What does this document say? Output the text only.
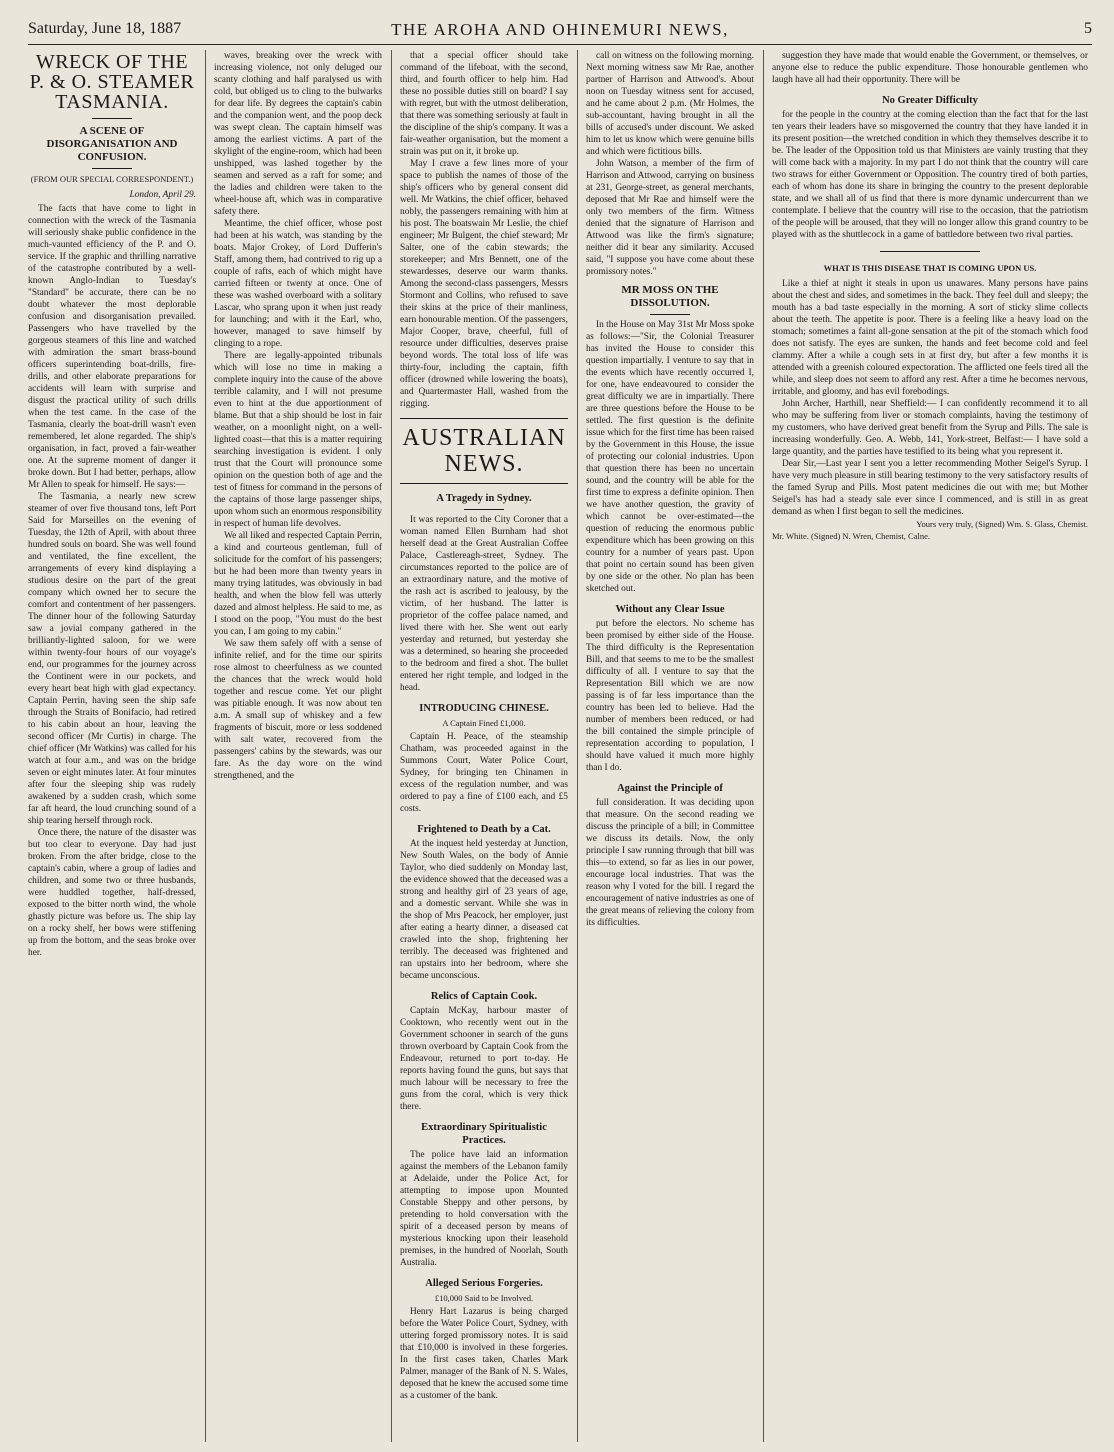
Saturday, June 18, 1887	THE AROHA AND OHINEMURI NEWS,	5
WRECK OF THE P. & O. STEAMER TASMANIA.
A SCENE OF DISORGANISATION AND CONFUSION.
(FROM OUR SPECIAL CORRESPONDENT.)
London, April 29.

The facts that have come to light in connection with the wreck of the Tasmania will seriously shake public confidence in the much-vaunted efficiency of the P. and O. service. If the graphic and thrilling narrative of the catastrophe contributed by a well-known Anglo-Indian to Tuesday's "Standard" be accurate, there can be no doubt whatever the most deplorable confusion and disorganisation prevailed. Passengers who have travelled by the gorgeous steamers of this line and watched with admiration the smart brass-bound officers superintending boat-drills, fire-drills, and other elaborate preparations for accidents will learn with surprise and disgust the practical utility of such drills when the test came. In the case of the Tasmania, clearly the boat-drill wasn't even remembered, let alone regarded. The ship's organisation, in fact, proved a fair-weather one. At the supreme moment of danger it broke down. But I had better, perhaps, allow Mr Allen to speak for himself. He says:—

The Tasmania, a nearly new screw steamer of over five thousand tons, left Port Said for Marseilles on the evening of Tuesday, the 12th of April, with about three hundred souls on board. She was well found and ventilated, the fine excellent, the arrangements of every kind displaying a studious desire on the part of the great company which owned her to secure the comfort and contentment of her passengers. The dinner hour of the following Saturday saw a jovial company gathered in the brilliantly-lighted saloon, for we were within twenty-four hours of our voyage's end, our programmes for the journey across the Continent were in our pockets, and every heart beat high with glad expectancy. Captain Perrin, having seen the ship safe through the Straits of Bonifacio, had retired to his cabin about an hour, leaving the second officer (Mr Curtis) in charge. The chief officer (Mr Watkins) was called for his watch at four a.m., and was on the bridge seven or eight minutes later. At four minutes after four the sleeping ship was rudely awakened by a sudden crash, which some far aft heard, the loud crunching sound of a ship tearing herself through rock.

Once there, the nature of the disaster was but too clear to everyone. Day had just broken. From the after bridge, close to the captain's cabin, where a group of ladies and children, and some two or three husbands, were huddled together, half-dressed, exposed to the bitter north wind, the whole ghastly picture was before us. The ship lay on a rocky shelf, her bows were stiffening up from the bottom, and the seas broke over her.

waves, breaking over the wreck with increasing violence, not only deluged our scanty clothing and half paralysed us with cold, but obliged us to cling to the bulwarks for dear life. By degrees the captain's cabin and the companion went, and the poop deck was swept clean. The captain himself was among the earliest victims. A part of the skylight of the engine-room, which had been unshipped, was lashed together by the seamen and served as a raft for some; and the ladies and children were taken to the wheel-house aft, which was in comparative safety there.

Meantime, the chief officer, whose post had been at his watch, was standing by the boats. Major Crokey, of Lord Dufferin's Staff, among them, had contrived to rig up a couple of rafts, each of which might have carried fifteen or twenty at once. One of these was washed overboard with a solitary Lascar, who sprang upon it when just ready for launching; and with it the Earl, who, however, managed to save himself by clinging to a rope.

There are legally-appointed tribunals which will lose no time in making a complete inquiry into the cause of the above terrible calamity, and I will not presume even to hint at the due apportionment of blame. But that a ship should be lost in fair weather, on a moonlight night, on a well-lighted coast—that this is a matter requiring searching investigation is evident. I only trust that the Court will pronounce some opinion on the question both of age and the test of fitness for command in the persons of the captains of those large passenger ships, upon whom such an enormous responsibility in respect of human life devolves.

We all liked and respected Captain Perrin, a kind and courteous gentleman, full of solicitude for the comfort of his passengers; but he had been more than twenty years in many trying latitudes, was obviously in bad health, and when the blow fell was utterly dazed and almost helpless. He said to me, as I stood on the poop, "You must do the best you can, I am going to my cabin."

We saw them safely off with a sense of infinite relief, and for the time our spirits rose almost to cheerfulness as we counted the chances that the wreck would hold together and rescue come. Yet our plight was pitiable enough. It was now about ten a.m. A small sup of whiskey and a few fragments of biscuit, more or less soddened with salt water, recovered from the passengers' cabins by the stewards, was our fare. As the day wore on the wind strengthened, and the

that a special officer should take command of the lifeboat, with the second, third, and fourth officer to help him. Had these no possible duties still on board? I say with regret, but with the utmost deliberation, that there was something seriously at fault in the discipline of the ship's company. It was a fair-weather organisation, but the moment a strain was put on it, it broke up.

May I crave a few lines more of your space to publish the names of those of the ship's officers who by general consent did well. Mr Watkins, the chief officer, behaved nobly, the passengers remaining with him at his post. The boatswain Mr Leslie, the chief engineer; Mr Bulgent, the chief steward; Mr Salter, one of the cabin stewards; the storekeeper; and Mrs Bennett, one of the stewardesses, deserve our warm thanks. Among the second-class passengers, Messrs Stormont and Collins, who refused to save their skins at the price of their manliness, earn honourable mention. Of the passengers, Major Cooper, brave, cheerful, full of resource under difficulties, deserves praise beyond words. The total loss of life was thirty-four, including the captain, fifth officer (drowned while lowering the boats), and Quartermaster Hall, washed from the rigging.

AUSTRALIAN NEWS.
A Tragedy in Sydney.

It was reported to the City Coroner that a woman named Ellen Burnham had shot herself dead at the Great Australian Coffee Palace, Castlereagh-street, Sydney. The circumstances reported to the police are of an extraordinary nature, and the motive of the rash act is ascribed to jealousy, by the victim, of her husband. The latter is proprietor of the coffee palace named, and lived there with her. She went out early yesterday and returned, but yesterday she was a determined, so hearing she proceeded to the bedroom and fired a shot. The bullet entered her right temple, and lodged in the head.

INTRODUCING CHINESE.
A Captain Fined £1,000.

Captain H. Peace, of the steamship Chatham, was proceeded against in the Summons Court, Water Police Court, Sydney, for bringing ten Chinamen in excess of the regulation number, and was ordered to pay a fine of £100 each, and £5 costs.

Frightened to Death by a Cat.

At the inquest held yesterday at Junction, New South Wales, on the body of Annie Taylor, who died suddenly on Monday last, the evidence showed that the deceased was a strong and healthy girl of 23 years of age, and a domestic servant. While she was in the shop of Mrs Peacock, her employer, just after eating a hearty dinner, a diseased cat crawled into the shop, frightening her terribly. The deceased was frightened and ran upstairs into her bedroom, where she became unconscious.

Relics of Captain Cook.

Captain McKay, harbour master of Cooktown, who recently went out in the Government schooner in search of the guns thrown overboard by Captain Cook from the Endeavour, returned to port to-day. He reports having found the guns, but says that much labour will be necessary to free the guns from the coral, which is very thick there.

Extraordinary Spiritualistic Practices.

The police have laid an information against the members of the Lebanon family at Adelaide, under the Police Act, for attempting to impose upon Mounted Constable Sheppy and other persons, by pretending to hold conversation with the spirit of a deceased person by means of mysterious knocking upon their leasehold premises, in the hundred of Noorlah, South Australia.

Alleged Serious Forgeries.
£10,000 Said to be Involved.

Henry Hart Lazarus is being charged before the Water Police Court, Sydney, with uttering forged promissory notes. It is said that £10,000 is involved in these forgeries. In the first cases taken, Charles Mark Palmer, manager of the Bank of N. S. Wales, deposed that he knew the accused some time as a customer of the bank.

call on witness on the following morning. Next morning witness saw Mr Rae, another partner of Harrison and Attwood's. About noon on Tuesday witness sent for accused, and he came about 2 p.m. (Mr Holmes, the sub-accountant, having brought in all the bills of accused's under discount. We asked him to let us know which were genuine bills and which were fictitious bills.

John Watson, a member of the firm of Harrison and Attwood, carrying on business at 231, George-street, as general merchants, deposed that Mr Rae and himself were the only two members of the firm. Witness denied that the signature of Harrison and Attwood was like the firm's signature; neither did it bear any similarity. Accused said, "I suppose you have come about these promissory notes."

MR MOSS ON THE DISSOLUTION.

In the House on May 31st Mr Moss spoke as follows:—"Sir, the Colonial Treasurer has invited the House to consider this question impartially. I venture to say that in the events which have recently occurred I, for one, have endeavoured to consider the great difficulty we are in impartially. There are three questions before the House to be settled. The first question is the definite issue which for the first time has been raised by the Government in this House, the issue of protecting our colonial industries. Upon that question there has been no uncertain sound, and the country will be able for the first time to express a definite opinion. Then we have another question, the gravity of which cannot be over-estimated—the question of reducing the enormous public expenditure which has been growing on this country for a number of years past. Upon that point no certain sound has been given by one side or the other. No plan has been sketched out.

Without any Clear Issue

put before the electors. No scheme has been promised by either side of the House. The third difficulty is the Representation Bill, and that seems to me to be the smallest difficulty of all. I venture to say that the Representation Bill which we are now passing is of far less importance than the country has been led to believe. Had the number of members been reduced, or had the bill contained the simple principle of representation according to population, I should have valued it much more highly than I do.

Against the Principle of

full consideration. It was deciding upon that measure. On the second reading we discuss the principle of a bill; in Committee we discuss its details. Now, the only principle I saw running through that bill was this—to extend, so far as lies in our power, encourage local industries. That was the reason why I voted for the bill. I regard the encouragement of native industries as one of the great means of relieving the colony from its difficulties.

suggestion they have made that would enable the Government, or themselves, or anyone else to reduce the public expenditure. Those honourable gentlemen who laugh have all had their opportunity. There will be

No Greater Difficulty

for the people in the country at the coming election than the fact that for the last ten years their leaders have so misgoverned the country that they have landed it in its present position—the wretched condition in which they themselves describe it to be. The leader of the Opposition told us that Ministers are vainly trusting that they will come back with a majority. In my part I do not think that the country will care two straws for either Government or Opposition. The country tired of both parties, each of whom has done its share in bringing the country to the present deplorable state, and we shall all of us find that there is more dynamic undercurrent than we contemplate. I believe that the country will rise to the occasion, that the patriotism of the people will be aroused, that they will no longer allow this grand country to be played with as the shuttlecock in a game of battledore between two rival parties.

WHAT IS THIS DISEASE THAT IS COMING UPON US.

Like a thief at night it steals in upon us unawares. Many persons have pains about the chest and sides, and sometimes in the back. They feel dull and sleepy; the mouth has a bad taste especially in the morning. A sort of sticky slime collects about the teeth. The appetite is poor. There is a feeling like a heavy load on the stomach; sometimes a faint all-gone sensation at the pit of the stomach which food does not satisfy. The eyes are sunken, the hands and feet become cold and feel clammy. After a while a cough sets in at first dry, but after a few months it is attended with a greenish coloured expectoration. The afflicted one feels tired all the while, and sleep does not seem to afford any rest. After a time he becomes nervous, irritable, and gloomy, and has evil forebodings.

John Archer, Harthill, near Sheffield:— I can confidently recommend it to all who may be suffering from liver or stomach complaints, having the testimony of my customers, who have derived great benefit from the Syrup and Pills. The sale is increasing wonderfully. Geo. A. Webb, 141, York-street, Belfast:— I have sold a large quantity, and the parties have testified to its being what you represent it.

Dear Sir,—Last year I sent you a letter recommending Mother Seigel's Syrup. I have very much pleasure in still bearing testimony to the very satisfactory results of the famed Syrup and Pills. Most patent medicines die out with me; but Mother Seigel's has had a steady sale ever since I commenced, and is still in as great demand as when I first began to sell the medicines.

Yours very truly, (Signed) Wm. S. Glass, Chemist.
Mr. White. (Signed) N. Wren, Chemist, Calne.
